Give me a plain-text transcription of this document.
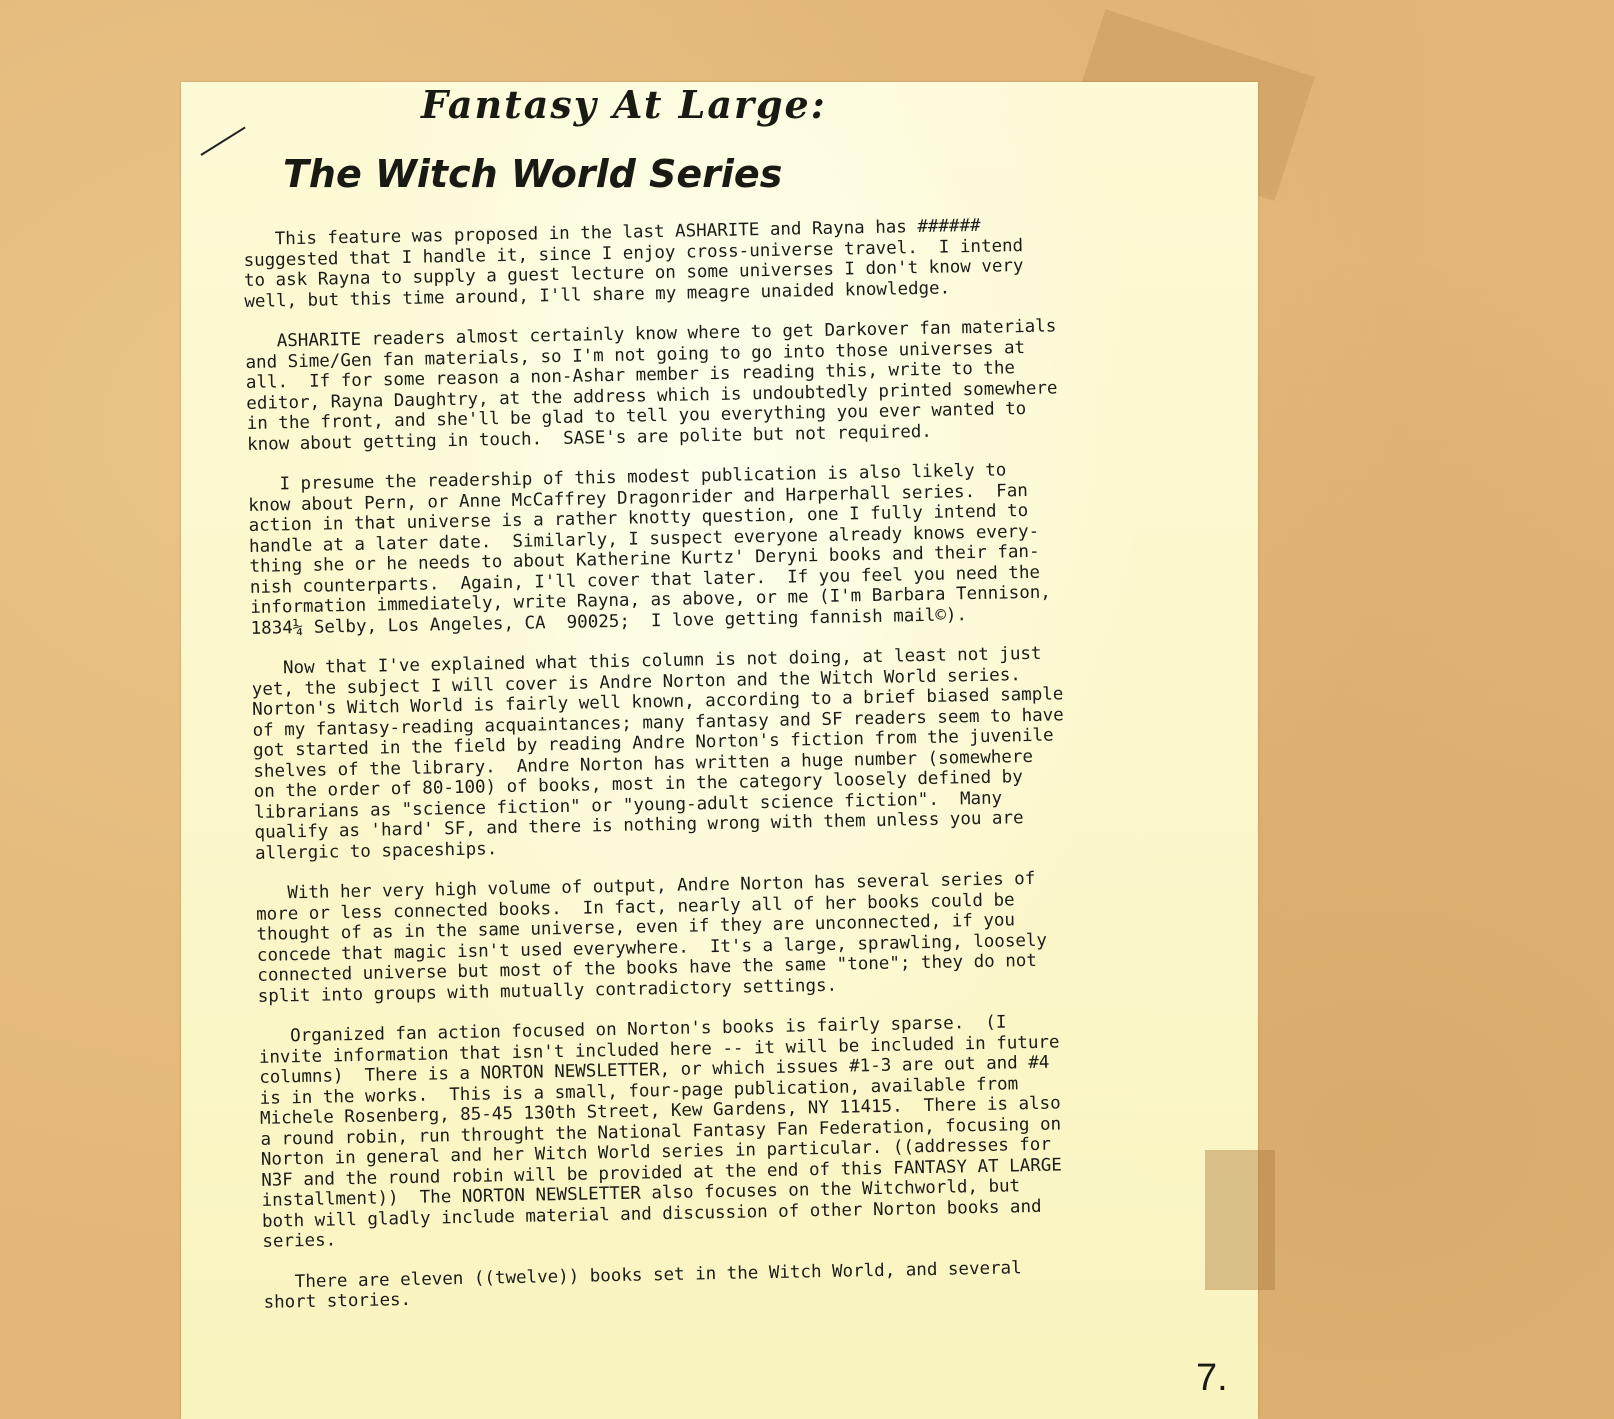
Fantasy At Large:
The Witch World Series

This feature was proposed in the last ASHARITE and Rayna has ######
suggested that I handle it, since I enjoy cross-universe travel.  I intend
to ask Rayna to supply a guest lecture on some universes I don't know very
well, but this time around, I'll share my meagre unaided knowledge.

ASHARITE readers almost certainly know where to get Darkover fan materials
and Sime/Gen fan materials, so I'm not going to go into those universes at
all.  If for some reason a non-Ashar member is reading this, write to the
editor, Rayna Daughtry, at the address which is undoubtedly printed somewhere
in the front, and she'll be glad to tell you everything you ever wanted to
know about getting in touch.  SASE's are polite but not required.

I presume the readership of this modest publication is also likely to
know about Pern, or Anne McCaffrey Dragonrider and Harperhall series.  Fan
action in that universe is a rather knotty question, one I fully intend to
handle at a later date.  Similarly, I suspect everyone already knows every-
thing she or he needs to about Katherine Kurtz' Deryni books and their fan-
nish counterparts.  Again, I'll cover that later.  If you feel you need the
information immediately, write Rayna, as above, or me (I'm Barbara Tennison,
1834¼ Selby, Los Angeles, CA  90025;  I love getting fannish mail©).

Now that I've explained what this column is not doing, at least not just
yet, the subject I will cover is Andre Norton and the Witch World series.
Norton's Witch World is fairly well known, according to a brief biased sample
of my fantasy-reading acquaintances; many fantasy and SF readers seem to have
got started in the field by reading Andre Norton's fiction from the juvenile
shelves of the library.  Andre Norton has written a huge number (somewhere
on the order of 80-100) of books, most in the category loosely defined by
librarians as "science fiction" or "young-adult science fiction".  Many
qualify as 'hard' SF, and there is nothing wrong with them unless you are
allergic to spaceships.

With her very high volume of output, Andre Norton has several series of
more or less connected books.  In fact, nearly all of her books could be
thought of as in the same universe, even if they are unconnected, if you
concede that magic isn't used everywhere.  It's a large, sprawling, loosely
connected universe but most of the books have the same "tone"; they do not
split into groups with mutually contradictory settings.

Organized fan action focused on Norton's books is fairly sparse.  (I
invite information that isn't included here -- it will be included in future
columns)  There is a NORTON NEWSLETTER, or which issues #1-3 are out and #4
is in the works.  This is a small, four-page publication, available from
Michele Rosenberg, 85-45 130th Street, Kew Gardens, NY 11415.  There is also
a round robin, run throught the National Fantasy Fan Federation, focusing on
Norton in general and her Witch World series in particular. ((addresses for
N3F and the round robin will be provided at the end of this FANTASY AT LARGE
installment))  The NORTON NEWSLETTER also focuses on the Witchworld, but
both will gladly include material and discussion of other Norton books and
series.

There are eleven ((twelve)) books set in the Witch World, and several
short stories.

7.
